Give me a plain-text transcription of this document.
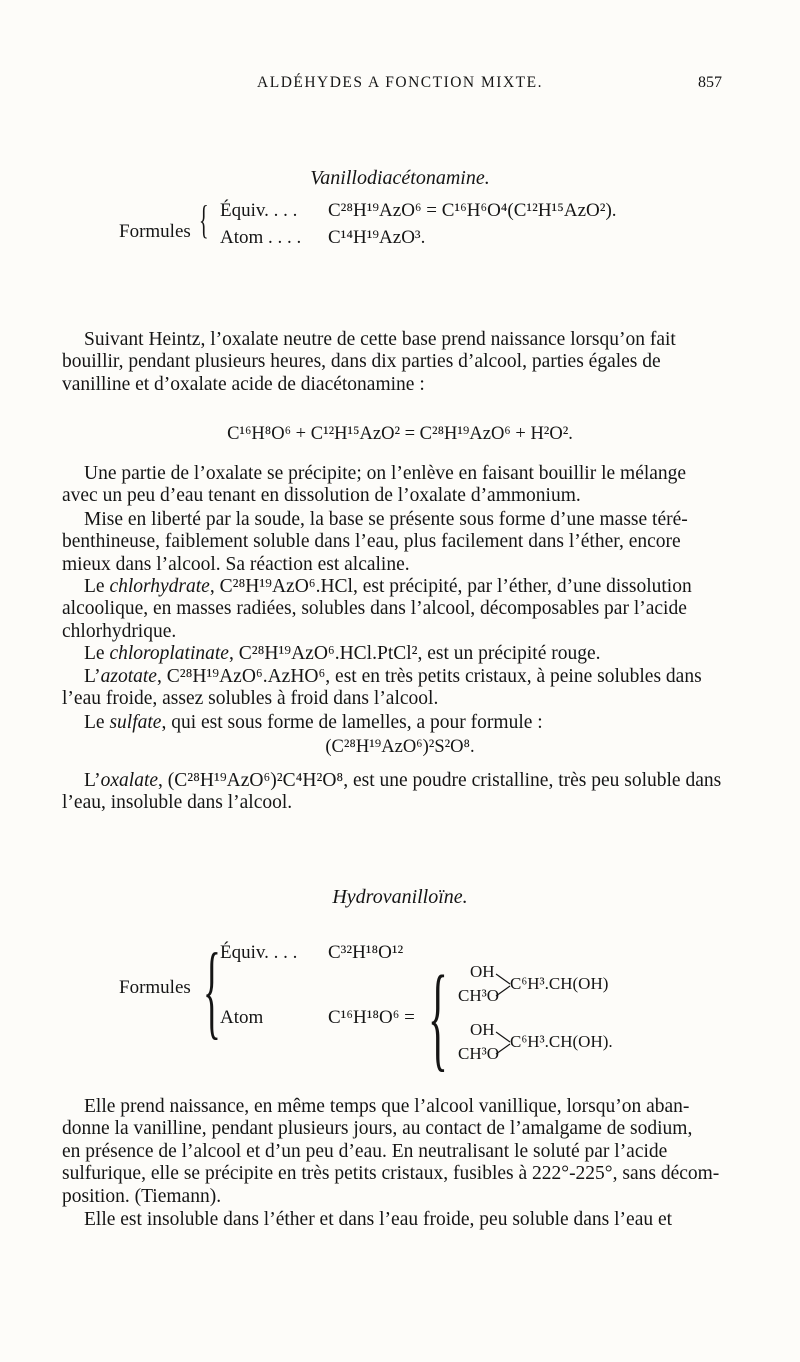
ALDÉHYDES A FONCTION MIXTE.	857
Vanillodiacétonamine.
Formules { Équiv. . . . C²⁸H¹⁹AzO⁶ = C¹⁶H⁶O⁴(C¹²H¹⁵AzO²).
Atom . . . . C¹⁴H¹⁹AzO³.
Suivant Heintz, l’oxalate neutre de cette base prend naissance lorsqu’on fait
bouillir, pendant plusieurs heures, dans dix parties d’alcool, parties égales de
vanilline et d’oxalate acide de diacétonamine :
C¹⁶H⁸O⁶ + C¹²H¹⁵AzO² = C²⁸H¹⁹AzO⁶ + H²O².
Une partie de l’oxalate se précipite; on l’enlève en faisant bouillir le mélange
avec un peu d’eau tenant en dissolution de l’oxalate d’ammonium.
Mise en liberté par la soude, la base se présente sous forme d’une masse téré-
benthineuse, faiblement soluble dans l’eau, plus facilement dans l’éther, encore
mieux dans l’alcool. Sa réaction est alcaline.
Le chlorhydrate, C²⁸H¹⁹AzO⁶.HCl, est précipité, par l’éther, d’une dissolution
alcoolique, en masses radiées, solubles dans l’alcool, décomposables par l’acide
chlorhydrique.
Le chloroplatinate, C²⁸H¹⁹AzO⁶.HCl.PtCl², est un précipité rouge.
L’azotate, C²⁸H¹⁹AzO⁶.AzHO⁶, est en très petits cristaux, à peine solubles dans
l’eau froide, assez solubles à froid dans l’alcool.
Le sulfate, qui est sous forme de lamelles, a pour formule :
(C²⁸H¹⁹AzO⁶)²S²O⁸.
L’oxalate, (C²⁸H¹⁹AzO⁶)²C⁴H²O⁸, est une poudre cristalline, très peu soluble dans
l’eau, insoluble dans l’alcool.
Hydrovanilloïne.
Formules { Équiv. . . . C³²H¹⁸O¹²
Atom	C¹⁶H¹⁸O⁶ = { OH
CH³O
C⁶H³.CH(OH)
OH
CH³O
C⁶H³.CH(OH).
Elle prend naissance, en même temps que l’alcool vanillique, lorsqu’on aban-
donne la vanilline, pendant plusieurs jours, au contact de l’amalgame de sodium,
en présence de l’alcool et d’un peu d’eau. En neutralisant le soluté par l’acide
sulfurique, elle se précipite en très petits cristaux, fusibles à 222°-225°, sans décom-
position. (Tiemann).
Elle est insoluble dans l’éther et dans l’eau froide, peu soluble dans l’eau et
